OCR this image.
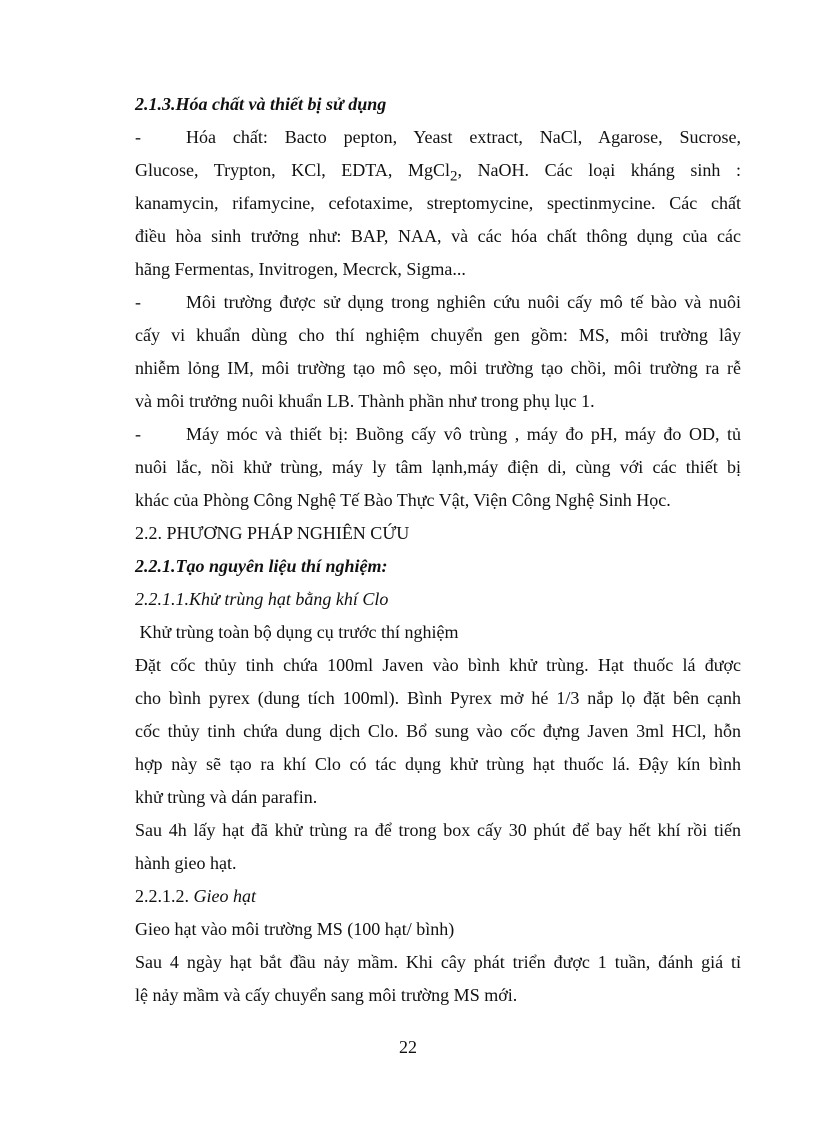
2.1.3.Hóa chất và thiết bị sử dụng
-	Hóa chất: Bacto pepton, Yeast extract, NaCl, Agarose, Sucrose,
Glucose, Trypton, KCl, EDTA, MgCl$_2$, NaOH. Các loại kháng sinh :
kanamycin, rifamycine, cefotaxime, streptomycine, spectinmycine. Các chất
điều hòa sinh trưởng như: BAP, NAA, và các hóa chất thông dụng của các
hãng Fermentas, Invitrogen, Mecrck, Sigma...
-	Môi trường được sử dụng trong nghiên cứu nuôi cấy mô tế bào và nuôi
cấy vi khuẩn dùng cho thí nghiệm chuyển gen gồm: MS, môi trường lây
nhiễm lỏng IM, môi trường tạo mô sẹo, môi trường tạo chồi, môi trường ra rễ
và môi trưởng nuôi khuẩn LB. Thành phần như trong phụ lục 1.
-	Máy móc và thiết bị: Buồng cấy vô trùng , máy đo pH, máy đo OD, tủ
nuôi lắc, nồi khử trùng, máy ly tâm lạnh,máy điện di, cùng với các thiết bị
khác của Phòng Công Nghệ Tế Bào Thực Vật, Viện Công Nghệ Sinh Học.
2.2. PHƯƠNG PHÁP NGHIÊN CỨU
2.2.1.Tạo nguyên liệu thí nghiệm:
2.2.1.1.Khử trùng hạt bằng khí Clo
Khử trùng toàn bộ dụng cụ trước thí nghiệm
Đặt cốc thủy tinh chứa 100ml Javen vào bình khử trùng. Hạt thuốc lá được
cho bình pyrex (dung tích 100ml). Bình Pyrex mở hé 1/3 nắp lọ đặt bên cạnh
cốc thủy tinh chứa dung dịch Clo. Bổ sung vào cốc đựng Javen 3ml HCl, hỗn
hợp này sẽ tạo ra khí Clo có tác dụng khử trùng hạt thuốc lá. Đậy kín bình
khử trùng và dán parafin.
Sau 4h lấy hạt đã khử trùng ra để trong box cấy 30 phút để bay hết khí rồi tiến
hành gieo hạt.
2.2.1.2. Gieo hạt
Gieo hạt vào môi trường MS (100 hạt/ bình)
Sau 4 ngày hạt bắt đầu nảy mầm. Khi cây phát triển được 1 tuần, đánh giá tỉ
lệ nảy mầm và cấy chuyển sang môi trường MS mới.
22
